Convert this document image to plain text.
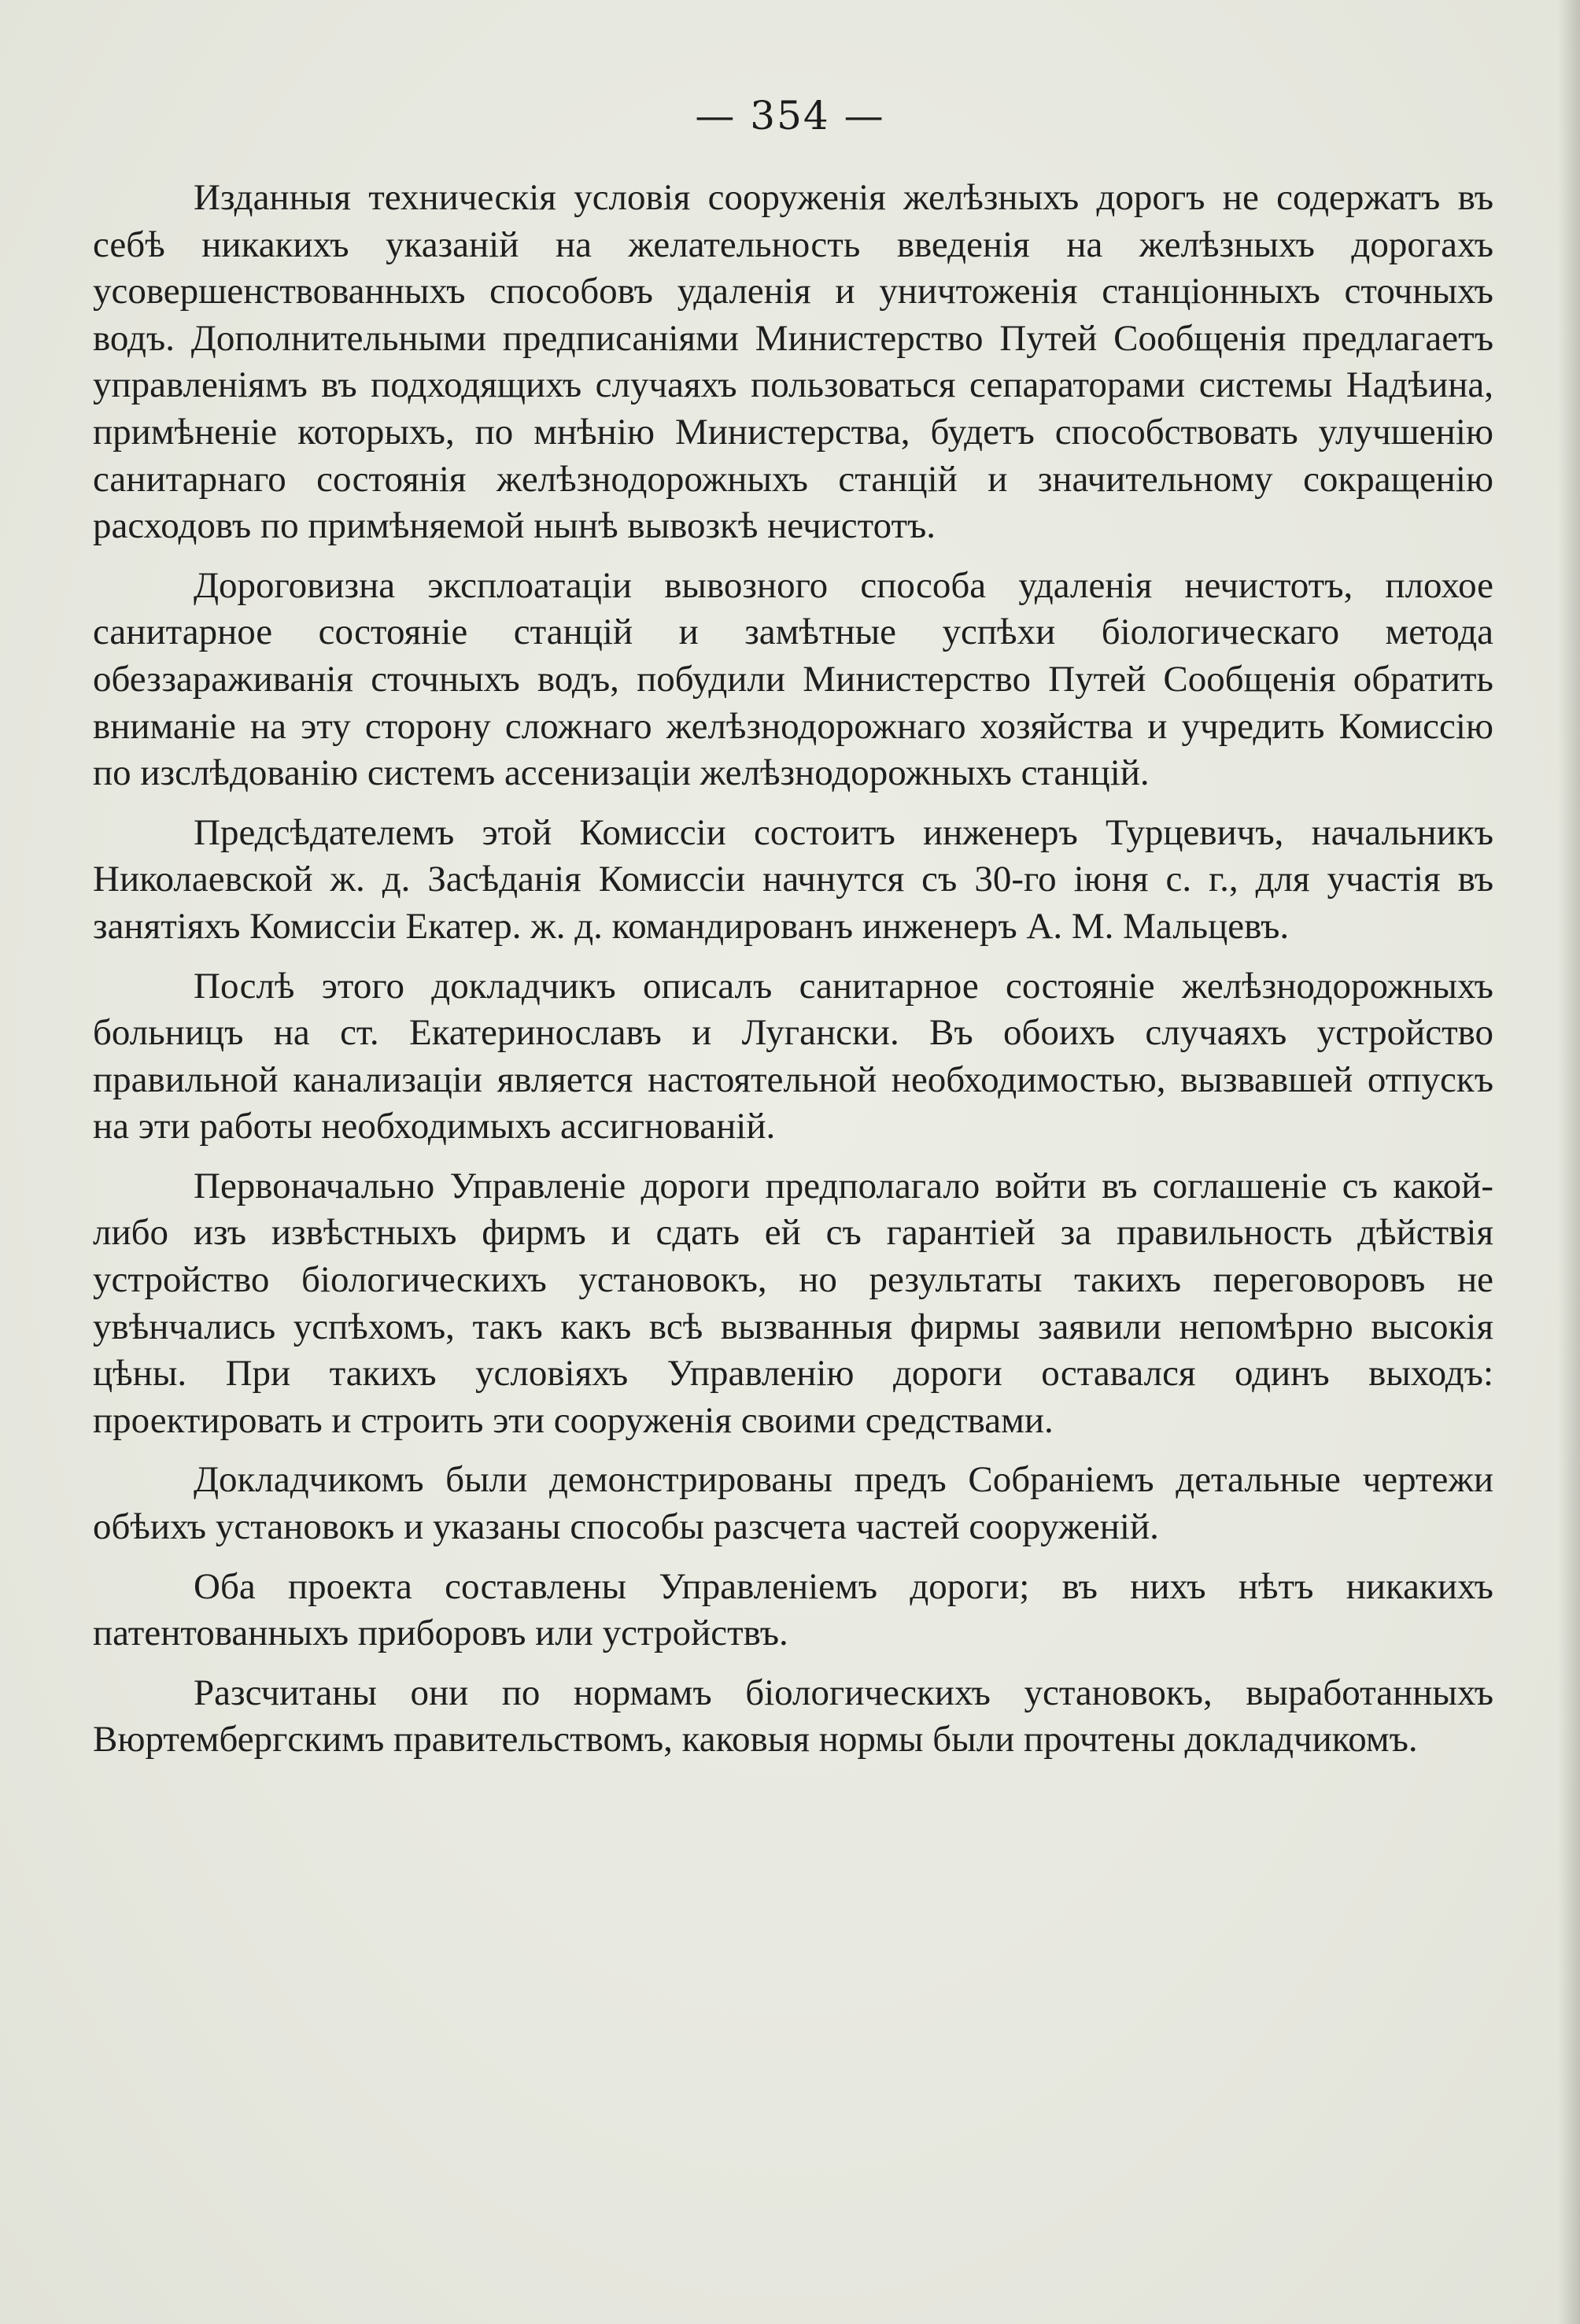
— 354 —

Изданныя техническія условія сооруженія желѣзныхъ дорогъ не содержатъ въ себѣ никакихъ указаній на желательность введенія на желѣзныхъ дорогахъ усовершенствованныхъ способовъ удаленія и уничтоженія станціонныхъ сточныхъ водъ. Дополнительными предписаніями Министерство Путей Сообщенія предлагаетъ управленіямъ въ подходящихъ случаяхъ пользоваться сепараторами системы Надѣина, примѣненіе которыхъ, по мнѣнію Министерства, будетъ способствовать улучшенію санитарнаго состоянія желѣзнодорожныхъ станцій и значительному сокращенію расходовъ по примѣняемой нынѣ вывозкѣ нечистотъ.

Дороговизна эксплоатаціи вывозного способа удаленія нечистотъ, плохое санитарное состояніе станцій и замѣтные успѣхи біологическаго метода обеззараживанія сточныхъ водъ, побудили Министерство Путей Сообщенія обратить вниманіе на эту сторону сложнаго желѣзнодорожнаго хозяйства и учредить Комиссію по изслѣдованію системъ ассенизаціи желѣзнодорожныхъ станцій.

Предсѣдателемъ этой Комиссіи состоитъ инженеръ Турцевичъ, начальникъ Николаевской ж. д. Засѣданія Комиссіи начнутся съ 30-го іюня с. г., для участія въ занятіяхъ Комиссіи Екатер. ж. д. командированъ инженеръ А. М. Мальцевъ.

Послѣ этого докладчикъ описалъ санитарное состояніе желѣзнодорожныхъ больницъ на ст. Екатеринославъ и Лугански. Въ обоихъ случаяхъ устройство правильной канализаціи является настоятельной необходимостью, вызвавшей отпускъ на эти работы необходимыхъ ассигнованій.

Первоначально Управленіе дороги предполагало войти въ соглашеніе съ какой-либо изъ извѣстныхъ фирмъ и сдать ей съ гарантіей за правильность дѣйствія устройство біологическихъ установокъ, но результаты такихъ переговоровъ не увѣнчались успѣхомъ, такъ какъ всѣ вызванныя фирмы заявили непомѣрно высокія цѣны. При такихъ условіяхъ Управленію дороги оставался одинъ выходъ: проектировать и строить эти сооруженія своими средствами.

Докладчикомъ были демонстрированы предъ Собраніемъ детальные чертежи обѣихъ установокъ и указаны способы разсчета частей сооруженій.

Оба проекта составлены Управленіемъ дороги; въ нихъ нѣтъ никакихъ патентованныхъ приборовъ или устройствъ.

Разсчитаны они по нормамъ біологическихъ установокъ, выработанныхъ Вюртембергскимъ правительствомъ, каковыя нормы были прочтены докладчикомъ.
